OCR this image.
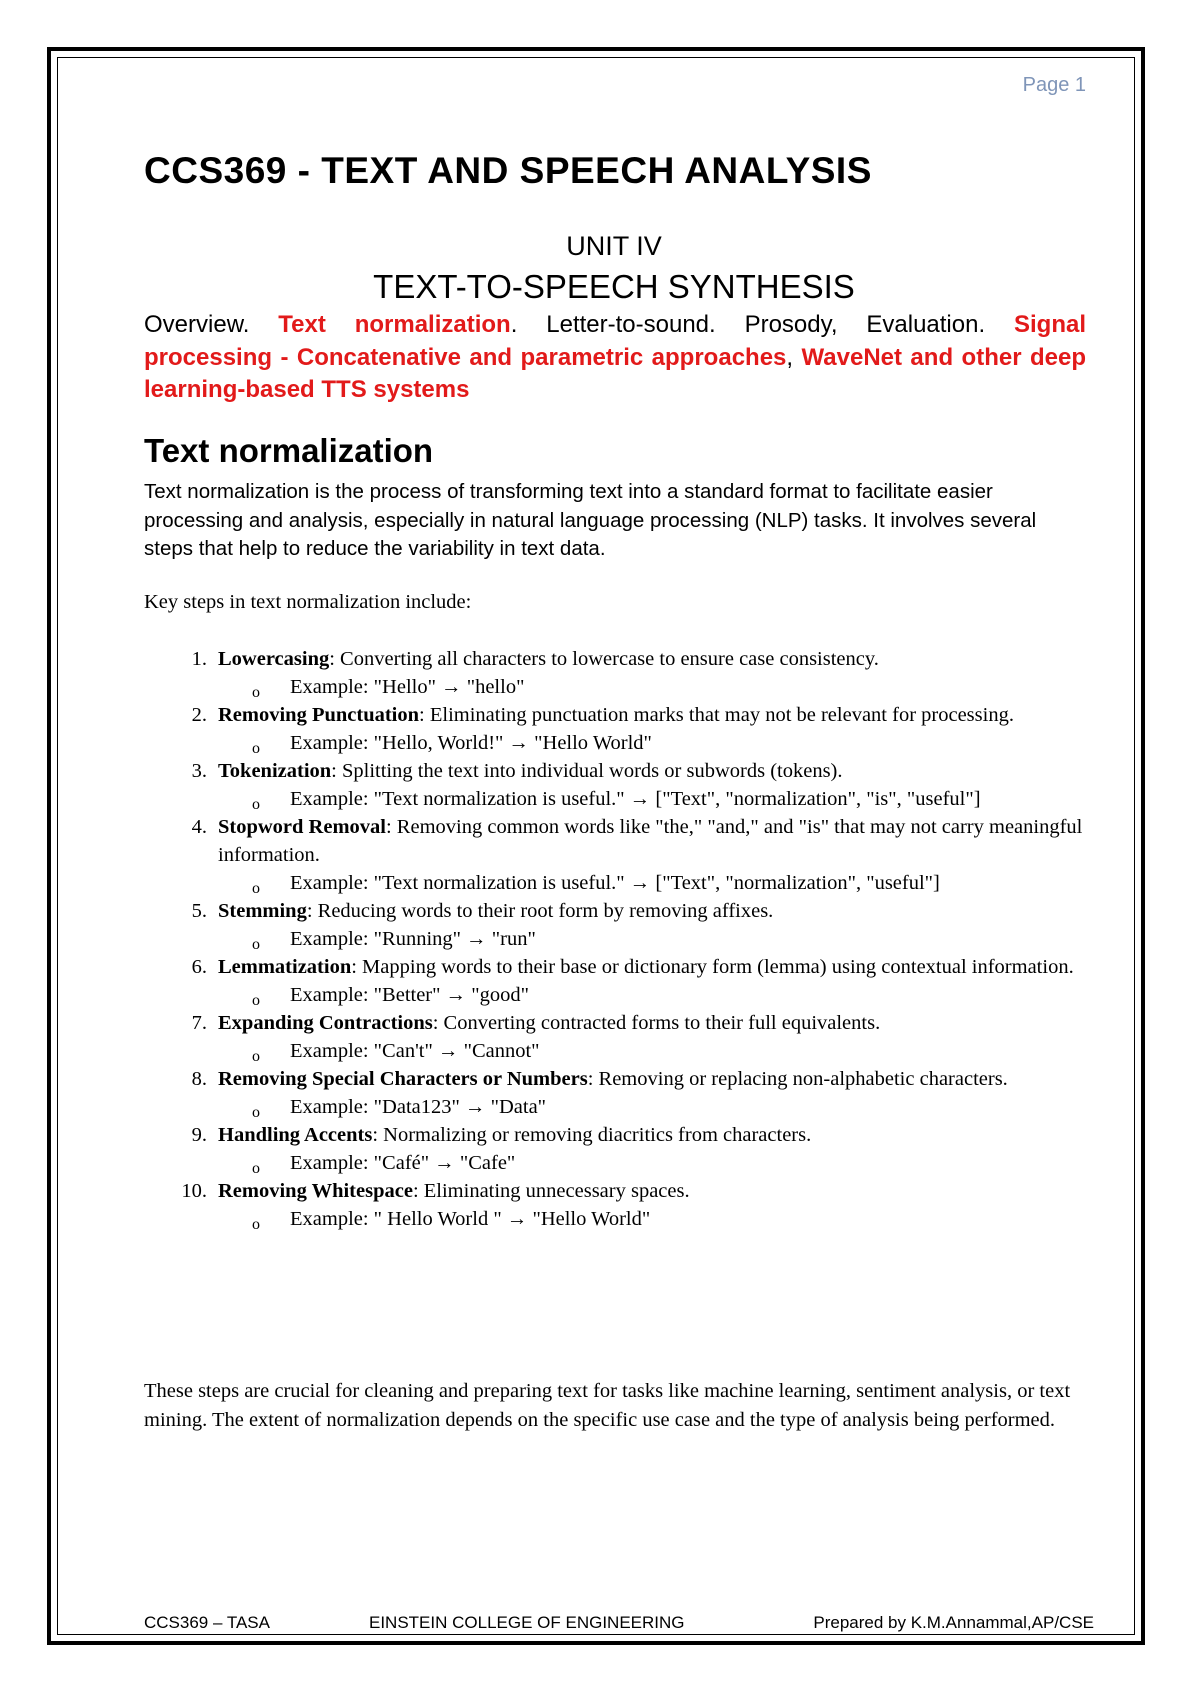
Page 1
CCS369 - TEXT AND SPEECH ANALYSIS
UNIT IV
TEXT-TO-SPEECH SYNTHESIS

Overview. Text normalization. Letter-to-sound. Prosody, Evaluation. Signal processing - Concatenative and parametric approaches, WaveNet and other deep learning-based TTS systems

Text normalization

Text normalization is the process of transforming text into a standard format to facilitate easier processing and analysis, especially in natural language processing (NLP) tasks. It involves several steps that help to reduce the variability in text data.

Key steps in text normalization include:

1. Lowercasing: Converting all characters to lowercase to ensure case consistency.
o Example: "Hello" → "hello"
2. Removing Punctuation: Eliminating punctuation marks that may not be relevant for processing.
o Example: "Hello, World!" → "Hello World"
3. Tokenization: Splitting the text into individual words or subwords (tokens).
o Example: "Text normalization is useful." → ["Text", "normalization", "is", "useful"]
4. Stopword Removal: Removing common words like "the," "and," and "is" that may not carry meaningful information.
o Example: "Text normalization is useful." → ["Text", "normalization", "useful"]
5. Stemming: Reducing words to their root form by removing affixes.
o Example: "Running" → "run"
6. Lemmatization: Mapping words to their base or dictionary form (lemma) using contextual information.
o Example: "Better" → "good"
7. Expanding Contractions: Converting contracted forms to their full equivalents.
o Example: "Can't" → "Cannot"
8. Removing Special Characters or Numbers: Removing or replacing non-alphabetic characters.
o Example: "Data123" → "Data"
9. Handling Accents: Normalizing or removing diacritics from characters.
o Example: "Café" → "Cafe"
10. Removing Whitespace: Eliminating unnecessary spaces.
o Example: " Hello World " → "Hello World"

These steps are crucial for cleaning and preparing text for tasks like machine learning, sentiment analysis, or text mining. The extent of normalization depends on the specific use case and the type of analysis being performed.

CCS369 – TASA	EINSTEIN COLLEGE OF ENGINEERING	Prepared by K.M.Annammal,AP/CSE
